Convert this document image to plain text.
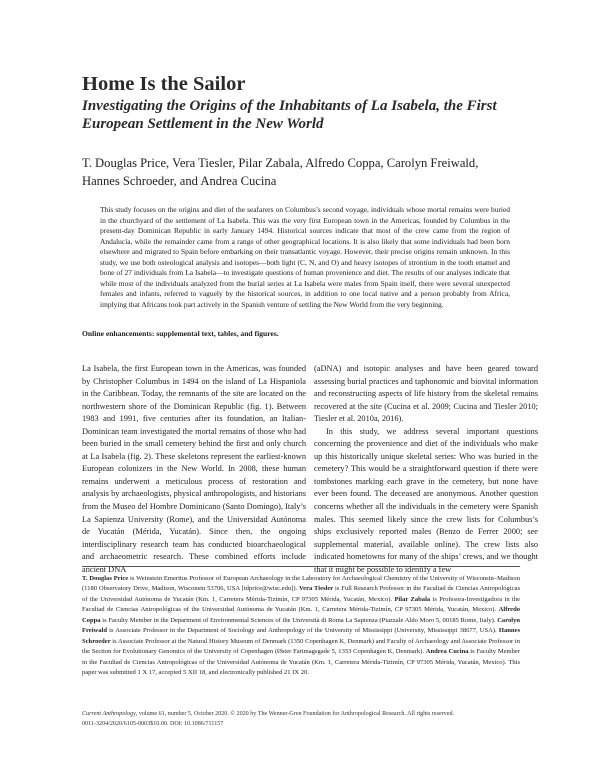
Home Is the Sailor
Investigating the Origins of the Inhabitants of La Isabela, the First European Settlement in the New World
T. Douglas Price, Vera Tiesler, Pilar Zabala, Alfredo Coppa, Carolyn Freiwald,
Hannes Schroeder, and Andrea Cucina

This study focuses on the origins and diet of the seafarers on Columbus’s second voyage, individuals whose mortal remains were buried in the churchyard of the settlement of La Isabela. This was the very first European town in the Americas, founded by Columbus in the present-day Dominican Republic in early January 1494. Historical sources indicate that most of the crew came from the region of Andalucía, while the remainder came from a range of other geographical locations. It is also likely that some individuals had been born elsewhere and migrated to Spain before embarking on their transatlantic voyage. However, their precise origins remain unknown. In this study, we use both osteological analysis and isotopes—both light (C, N, and O) and heavy isotopes of strontium in the tooth enamel and bone of 27 individuals from La Isabela—to investigate questions of human provenience and diet. The results of our analyses indicate that while most of the individuals analyzed from the burial series at La Isabela were males from Spain itself, there were several unexpected females and infants, referred to vaguely by the historical sources, in addition to one local native and a person probably from Africa, implying that Africans took part actively in the Spanish venture of settling the New World from the very beginning.

Online enhancements: supplemental text, tables, and figures.

La Isabela, the first European town in the Americas, was founded by Christopher Columbus in 1494 on the island of La Hispaniola in the Caribbean. Today, the remnants of the site are located on the northwestern shore of the Dominican Republic (fig. 1). Between 1983 and 1991, five centuries after its foundation, an Italian-Dominican team investigated the mortal remains of those who had been buried in the small cemetery behind the first and only church at La Isabela (fig. 2). These skeletons represent the earliest-known European colonizers in the New World. In 2008, these human remains underwent a meticulous process of restoration and analysis by archaeologists, physical anthropologists, and historians from the Museo del Hombre Dominicano (Santo Domingo), Italy’s La Sapienza University (Rome), and the Universidad Autónoma de Yucatán (Mérida, Yucatán). Since then, the ongoing interdisciplinary research team has conducted bioarchaeological and archaeometric research. These combined efforts include ancient DNA

(aDNA) and isotopic analyses and have been geared toward assessing burial practices and taphonomic and biovital information and reconstructing aspects of life history from the skeletal remains recovered at the site (Cucina et al. 2009; Cucina and Tiesler 2010; Tiesler et al. 2010a, 2016).

In this study, we address several important questions concerning the provenience and diet of the individuals who make up this historically unique skeletal series: Who was buried in the cemetery? This would be a straightforward question if there were tombstones marking each grave in the cemetery, but none have ever been found. The deceased are anonymous. Another question concerns whether all the individuals in the cemetery were Spanish males. This seemed likely since the crew lists for Columbus’s ships exclusively reported males (Benzo de Ferrer 2000; see supplemental material, available online). The crew lists also indicated hometowns for many of the ships’ crews, and we thought that it might be possible to identify a few

T. Douglas Price is Weinstein Emeritus Professor of European Archaeology in the Laboratory for Archaeological Chemistry of the University of Wisconsin–Madison (1180 Observatory Drive, Madison, Wisconsin 53706, USA [tdprice@wisc.edu]). Vera Tiesler is Full Research Professor in the Facultad de Ciencias Antropológicas of the Universidad Autónoma de Yucatán (Km. 1, Carretera Mérida-Tizimín, CP 97305 Mérida, Yucatán, Mexico). Pilar Zabala is Profesora-Investigadora in the Facultad de Ciencias Antropológicas of the Universidad Autónoma de Yucatán (Km. 1, Carretera Mérida-Tizimín, CP 97305 Mérida, Yucatán, Mexico). Alfredo Coppa is Faculty Member in the Department of Environmental Sciences of the Università di Roma La Sapienza (Piazzale Aldo Moro 5, 00185 Rome, Italy). Carolyn Freiwald is Associate Professor in the Department of Sociology and Anthropology of the University of Mississippi (University, Mississippi 38677, USA). Hannes Schroeder is Associate Professor at the Natural History Museum of Denmark (1350 Copenhagen K, Denmark) and Faculty of Archaeology and Associate Professor in the Section for Evolutionary Genomics of the University of Copenhagen (Øster Farimagsgade 5, 1353 Copenhagen K, Denmark). Andrea Cucina is Faculty Member in the Facultad de Ciencias Antropológicas of the Universidad Autónoma de Yucatán (Km. 1, Carretera Mérida-Tizimín, CP 97305 Mérida, Yucatán, Mexico). This paper was submitted 1 X 17, accepted 5 XII 18, and electronically published 21 IX 20.

Current Anthropology, volume 61, number 5, October 2020. © 2020 by The Wenner-Gren Foundation for Anthropological Research. All rights reserved.
0011-3204/2020/6105-0003$10.00. DOI: 10.1086/711157
